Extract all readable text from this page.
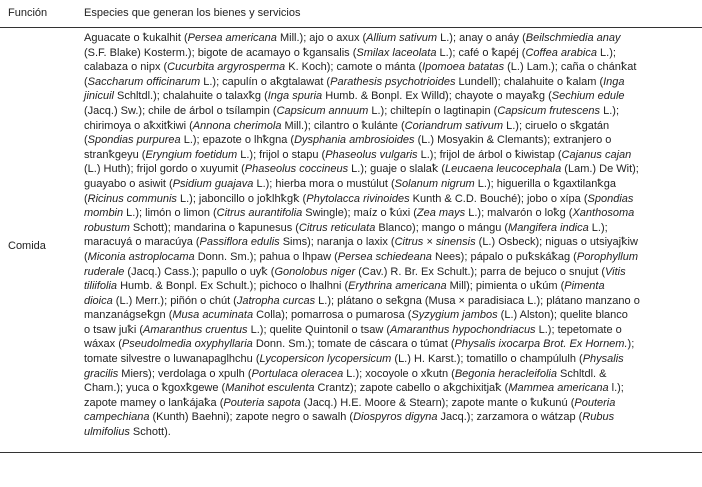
Función	Especies que generan los bienes y servicios
Comida
Aguacate o ꝁukalhit (Persea americana Mill.); ajo o axux (Allium sativum L.); anay o anáy (Beilschmiedia anay
(S.F. Blake) Kosterm.); bigote de acamayo o ꝁgansalis (Smilax laceolata L.); café o ꝁapéj (Coffea arabica L.);
calabaza o nipx (Cucurbita argyrosperma K. Koch); camote o mánta (Ipomoea batatas (L.) Lam.); caña o chánꝁat
(Saccharum officinarum L.); capulín o aꝁgtalawat (Parathesis psychotrioides Lundell); chalahuite o ꝁalam (Inga
jinicuil Schltdl.); chalahuite o talaxꝁg (Inga spuria Humb. & Bonpl. Ex Willd); chayote o mayaꝁg (Sechium edule
(Jacq.) Sw.); chile de árbol o tsílampin (Capsicum annuum L.); chiltepín o lagtinapin (Capsicum frutescens L.);
chirimoya o aꝁxitꝁiwi (Annona cherimola Mill.); cilantro o ꝁulánte (Coriandrum sativum L.); ciruelo o sꝁgatán
(Spondias purpurea L.); epazote o lhꝁgna (Dysphania ambrosioides (L.) Mosyakin & Clemants); extranjero o
stranꝁgeyu (Eryngium foetidum L.); frijol o stapu (Phaseolus vulgaris L.); frijol de árbol o ꝁiwistap (Cajanus cajan
(L.) Huth); frijol gordo o xuyumit (Phaseolus coccineus L.); guaje o slalaꝁ (Leucaena leucocephala (Lam.) De Wit);
guayabo o asiwit (Psidium guajava L.); hierba mora o mustúlut (Solanum nigrum L.); higuerilla o ꝁgaxtilanꝁga
(Ricinus communis L.); jaboncillo o joꝁlhꝁgꝁ (Phytolacca rivinoides Kunth & C.D. Bouché); jobo o xípa (Spondias
mombin L.); limón o limon (Citrus aurantifolia Swingle); maíz o ꝁúxi (Zea mays L.); malvarón o loꝁg (Xanthosoma
robustum Schott); mandarina o ꝁapunesus (Citrus reticulata Blanco); mango o mángu (Mangifera indica L.);
maracuyá o maracúya (Passiflora edulis Sims); naranja o laxix (Citrus × sinensis (L.) Osbeck); niguas o utsiyajꝁiw
(Miconia astroplocama Donn. Sm.); pahua o lhpaw (Persea schiedeana Nees); pápalo o puꝁskáꝁag (Porophyllum
ruderale (Jacq.) Cass.); papullo o uyꝁ (Gonolobus niger (Cav.) R. Br. Ex Schult.); parra de bejuco o snujut (Vitis
tiliifolia Humb. & Bonpl. Ex Schult.); pichoco o lhalhni (Erythrina americana Mill); pimienta o uꝁúm (Pimenta
dioica (L.) Merr.); piñón o chút (Jatropha curcas L.); plátano o seꝁgna (Musa × paradisiaca L.); plátano manzano o
manzanágseꝁgn (Musa acuminata Colla); pomarrosa o pumarosa (Syzygium jambos (L.) Alston); quelite blanco
o tsaw juꝁi (Amaranthus cruentus L.); quelite Quintonil o tsaw (Amaranthus hypochondriacus L.); tepetomate o
wáxax (Pseudolmedia oxyphyllaria Donn. Sm.); tomate de cáscara o túmat (Physalis ixocarpa Brot. Ex Hornem.);
tomate silvestre o luwanapaglhchu (Lycopersicon lycopersicum (L.) H. Karst.); tomatillo o champúlulh (Physalis
gracilis Miers); verdolaga o xpulh (Portulaca oleracea L.); xocoyole o xꝁutn (Begonia heracleifolia Schltdl. &
Cham.); yuca o ꝁgoxꝁgewe (Manihot esculenta Crantz); zapote cabello o aꝁgchixitjaꝁ (Mammea americana l.);
zapote mamey o lanꝁájaꝁa (Pouteria sapota (Jacq.) H.E. Moore & Stearn); zapote mante o ꝁuꝁunú (Pouteria
campechiana (Kunth) Baehni); zapote negro o sawalh (Diospyros digyna Jacq.); zarzamora o wátzap (Rubus
ulmifolius Schott).
